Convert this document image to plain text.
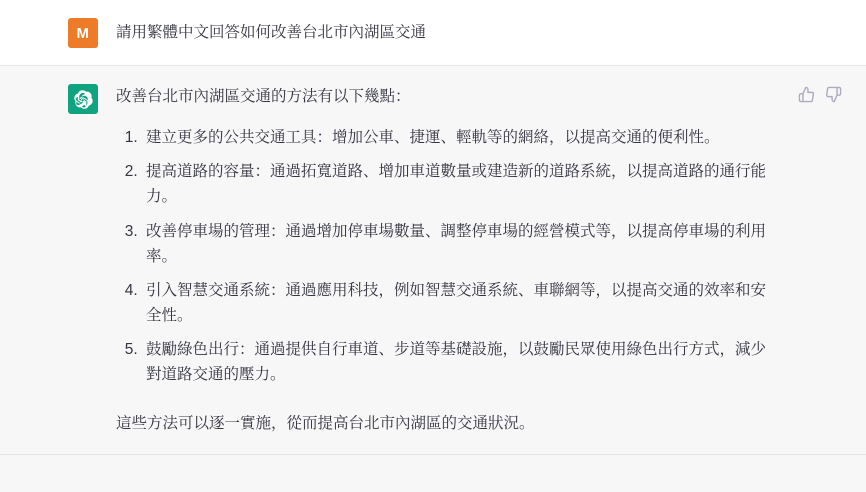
M 請用繁體中文回答如何改善台北市內湖區交通

改善台北市內湖區交通的方法有以下幾點：

1. 建立更多的公共交通工具：增加公車、捷運、輕軌等的網絡，以提高交通的便利性。
2. 提高道路的容量：通過拓寬道路、增加車道數量或建造新的道路系統，以提高道路的通行能力。
3. 改善停車場的管理：通過增加停車場數量、調整停車場的經營模式等，以提高停車場的利用率。
4. 引入智慧交通系統：通過應用科技，例如智慧交通系統、車聯網等，以提高交通的效率和安全性。
5. 鼓勵綠色出行：通過提供自行車道、步道等基礎設施，以鼓勵民眾使用綠色出行方式，減少對道路交通的壓力。

這些方法可以逐一實施，從而提高台北市內湖區的交通狀況。
